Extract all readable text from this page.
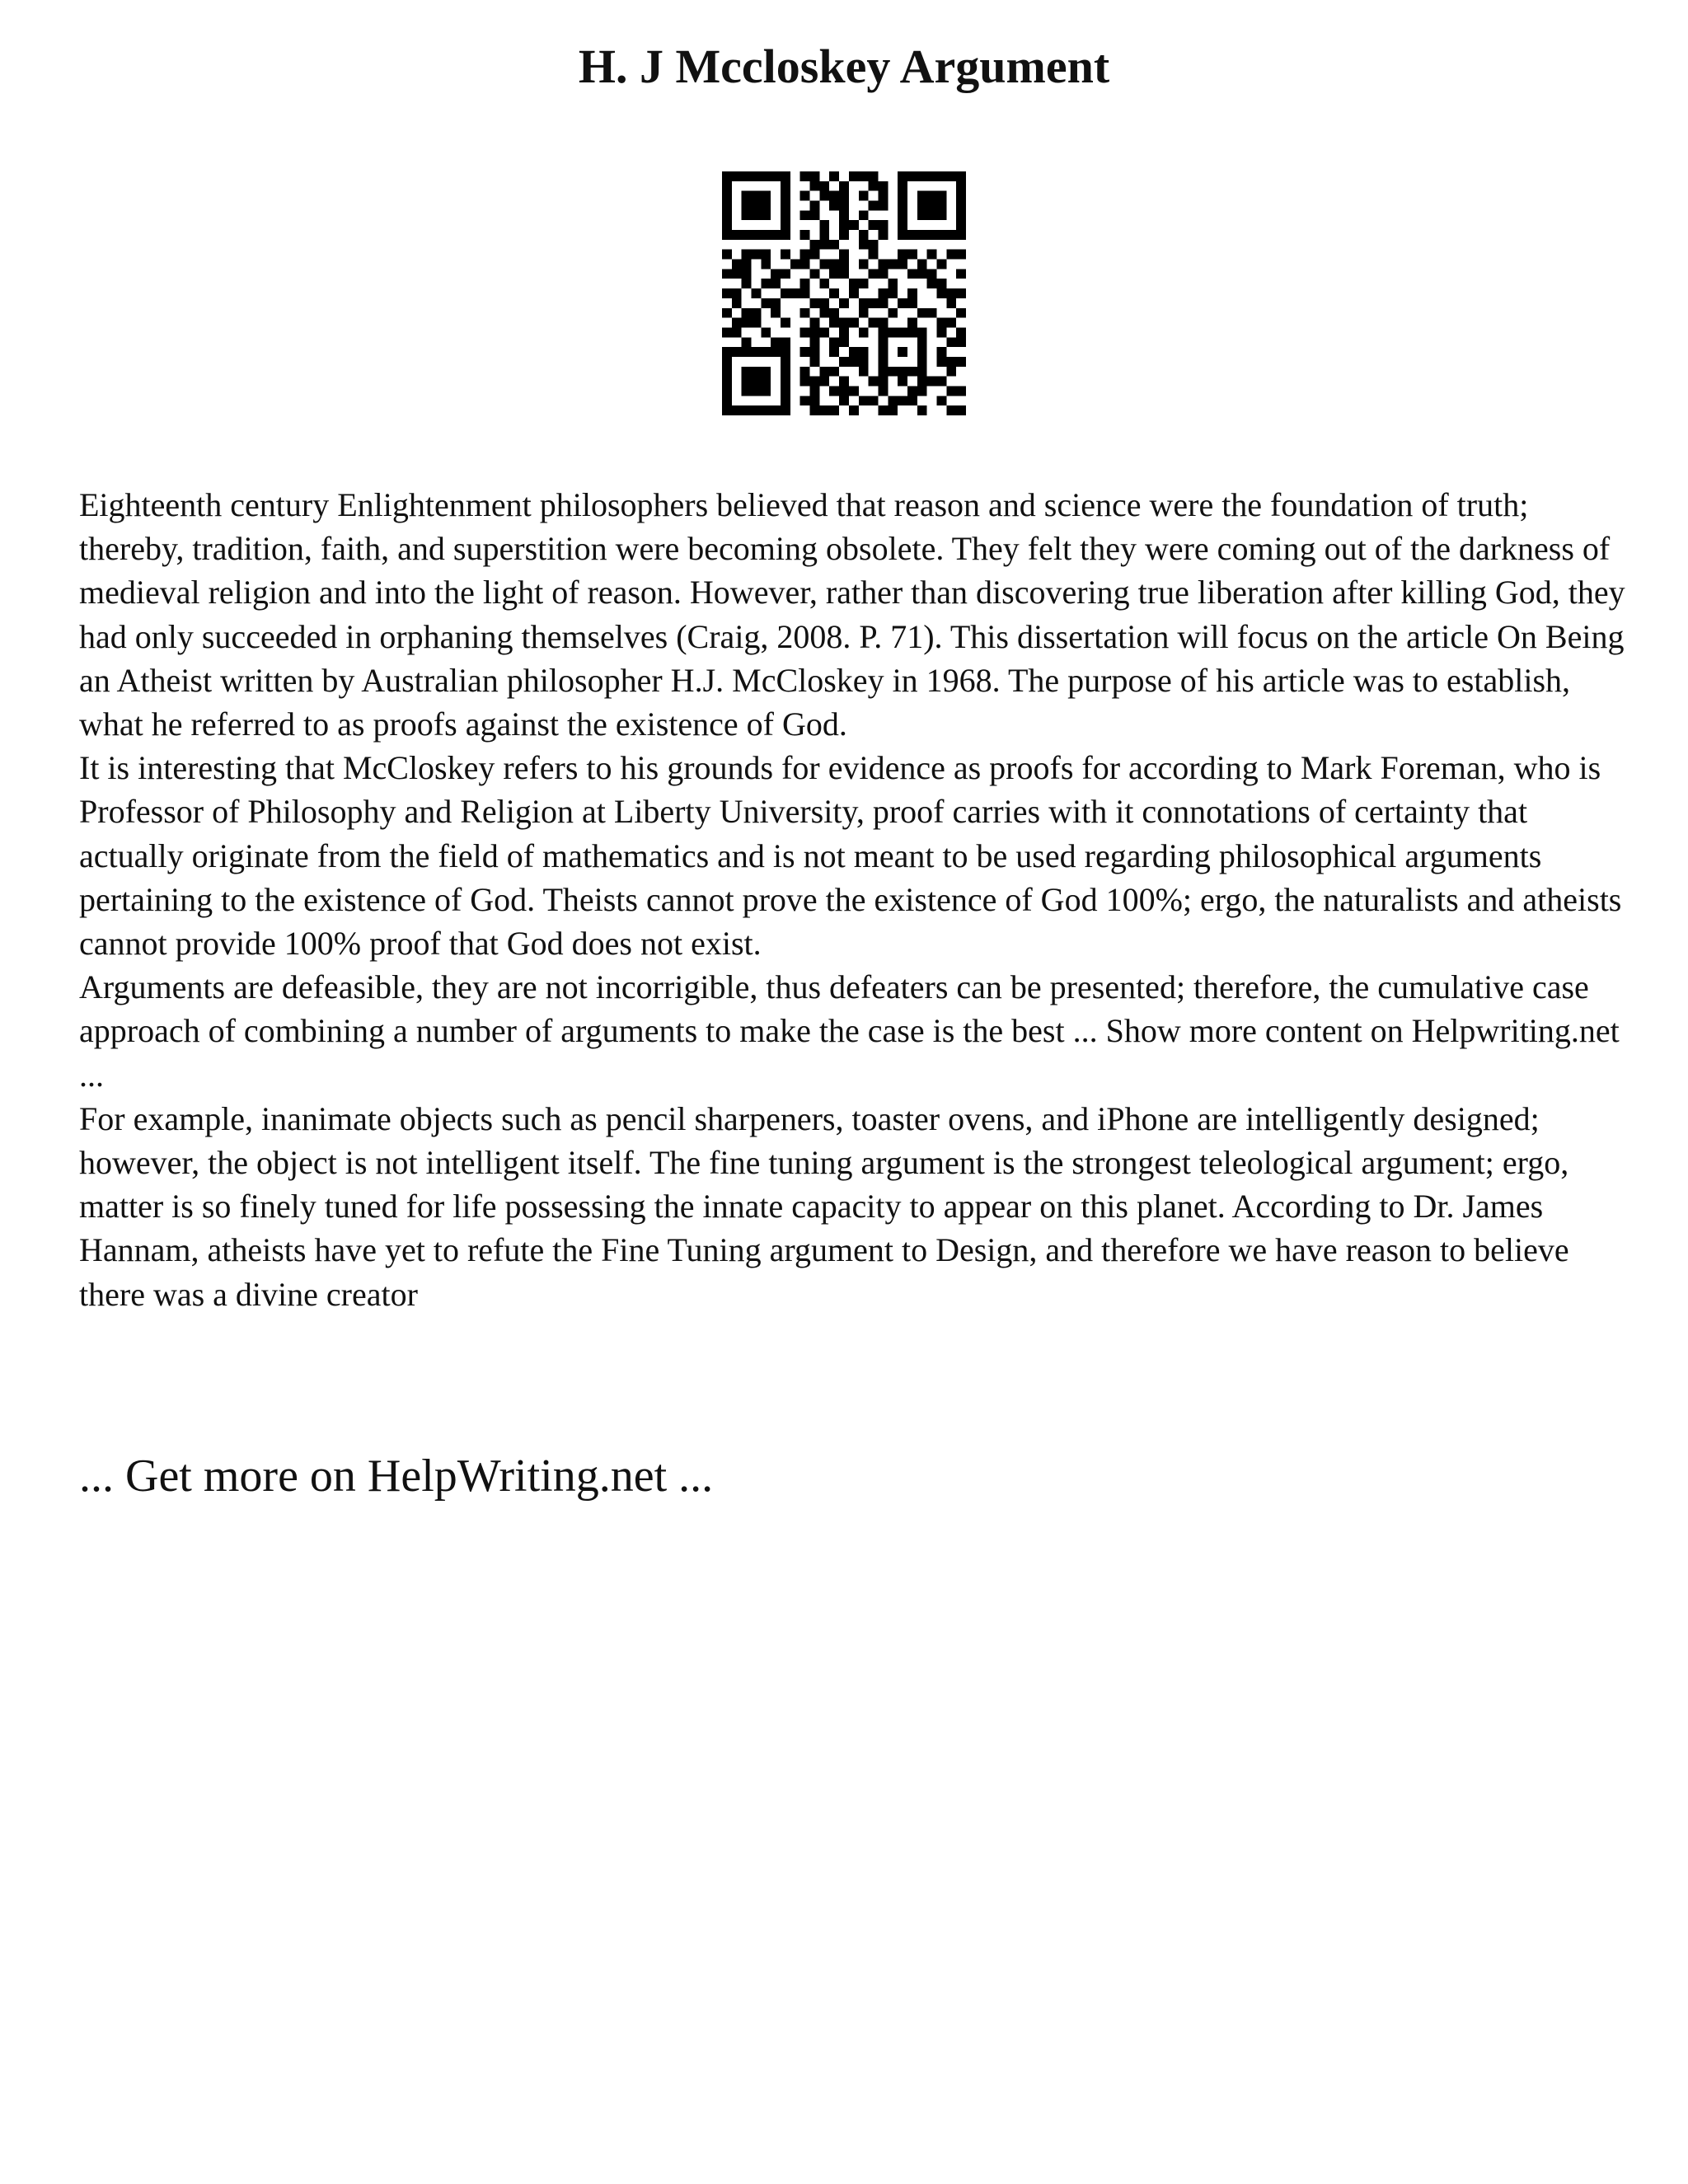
H. J Mccloskey Argument

Eighteenth century Enlightenment philosophers believed that reason and science were the foundation of truth; thereby, tradition, faith, and superstition were becoming obsolete. They felt they were coming out of the darkness of medieval religion and into the light of reason. However, rather than discovering true liberation after killing God, they had only succeeded in orphaning themselves (Craig, 2008. P. 71). This dissertation will focus on the article On Being an Atheist written by Australian philosopher H.J. McCloskey in 1968. The purpose of his article was to establish, what he referred to as proofs against the existence of God.

It is interesting that McCloskey refers to his grounds for evidence as proofs for according to Mark Foreman, who is Professor of Philosophy and Religion at Liberty University, proof carries with it connotations of certainty that actually originate from the field of mathematics and is not meant to be used regarding philosophical arguments pertaining to the existence of God. Theists cannot prove the existence of God 100%; ergo, the naturalists and atheists cannot provide 100% proof that God does not exist.

Arguments are defeasible, they are not incorrigible, thus defeaters can be presented; therefore, the cumulative case approach of combining a number of arguments to make the case is the best ... Show more content on Helpwriting.net ...

For example, inanimate objects such as pencil sharpeners, toaster ovens, and iPhone are intelligently designed; however, the object is not intelligent itself. The fine tuning argument is the strongest teleological argument; ergo, matter is so finely tuned for life possessing the innate capacity to appear on this planet. According to Dr. James Hannam, atheists have yet to refute the Fine Tuning argument to Design, and therefore we have reason to believe there was a divine creator

... Get more on HelpWriting.net ...
